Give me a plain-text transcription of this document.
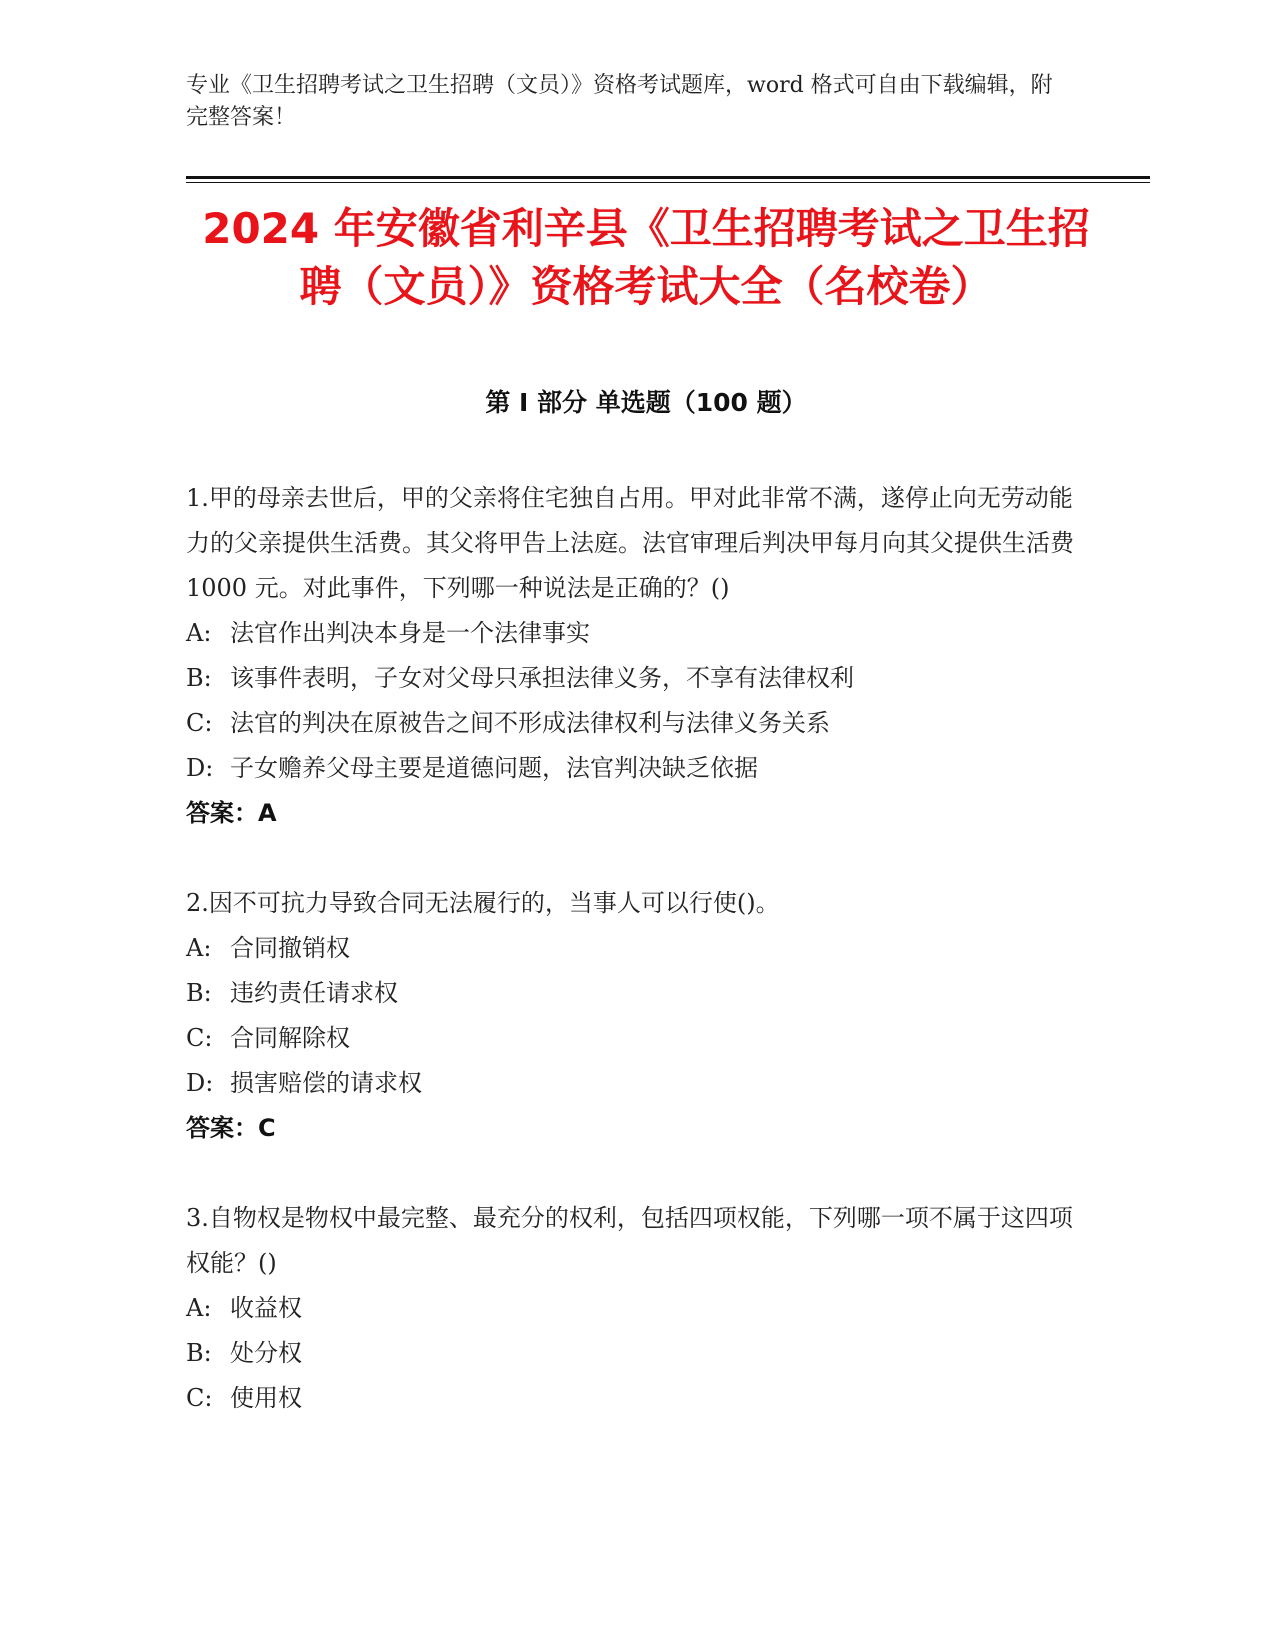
专业《卫生招聘考试之卫生招聘（文员）》资格考试题库，word 格式可自由下载编辑，附完整答案！
2024 年安徽省利辛县《卫生招聘考试之卫生招聘（文员）》资格考试大全（名校卷）
第 I 部分 单选题（100 题）

1.甲的母亲去世后，甲的父亲将住宅独自占用。甲对此非常不满，遂停止向无劳动能力的父亲提供生活费。其父将甲告上法庭。法官审理后判决甲每月向其父提供生活费 1000 元。对此事件，下列哪一种说法是正确的？()

A: 法官作出判决本身是一个法律事实

B: 该事件表明，子女对父母只承担法律义务，不享有法律权利

C: 法官的判决在原被告之间不形成法律权利与法律义务关系

D: 子女赡养父母主要是道德问题，法官判决缺乏依据

答案：A

2.因不可抗力导致合同无法履行的，当事人可以行使()。

A: 合同撤销权

B: 违约责任请求权

C: 合同解除权

D: 损害赔偿的请求权

答案：C

3.自物权是物权中最完整、最充分的权利，包括四项权能，下列哪一项不属于这四项权能？()

A: 收益权

B: 处分权

C: 使用权
